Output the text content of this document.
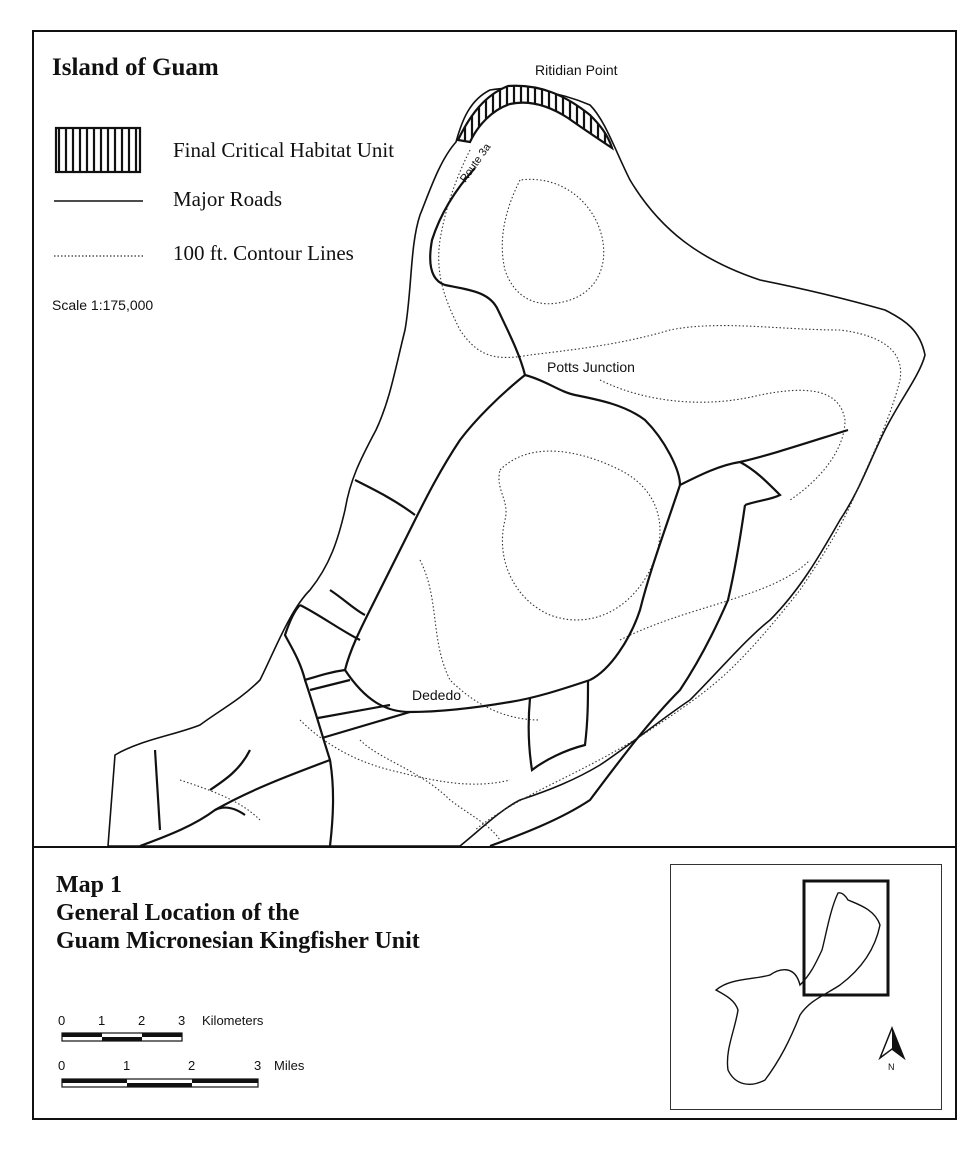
Island of Guam
Final Critical Habitat Unit
Major Roads
100 ft. Contour Lines
Scale 1:175,000
Ritidian Point
Potts Junction
Dededo
Route 3a
Map 1
General Location of the
Guam Micronesian Kingfisher Unit
0	1	2	3 Kilometers
0	1	2	3 Miles	N
